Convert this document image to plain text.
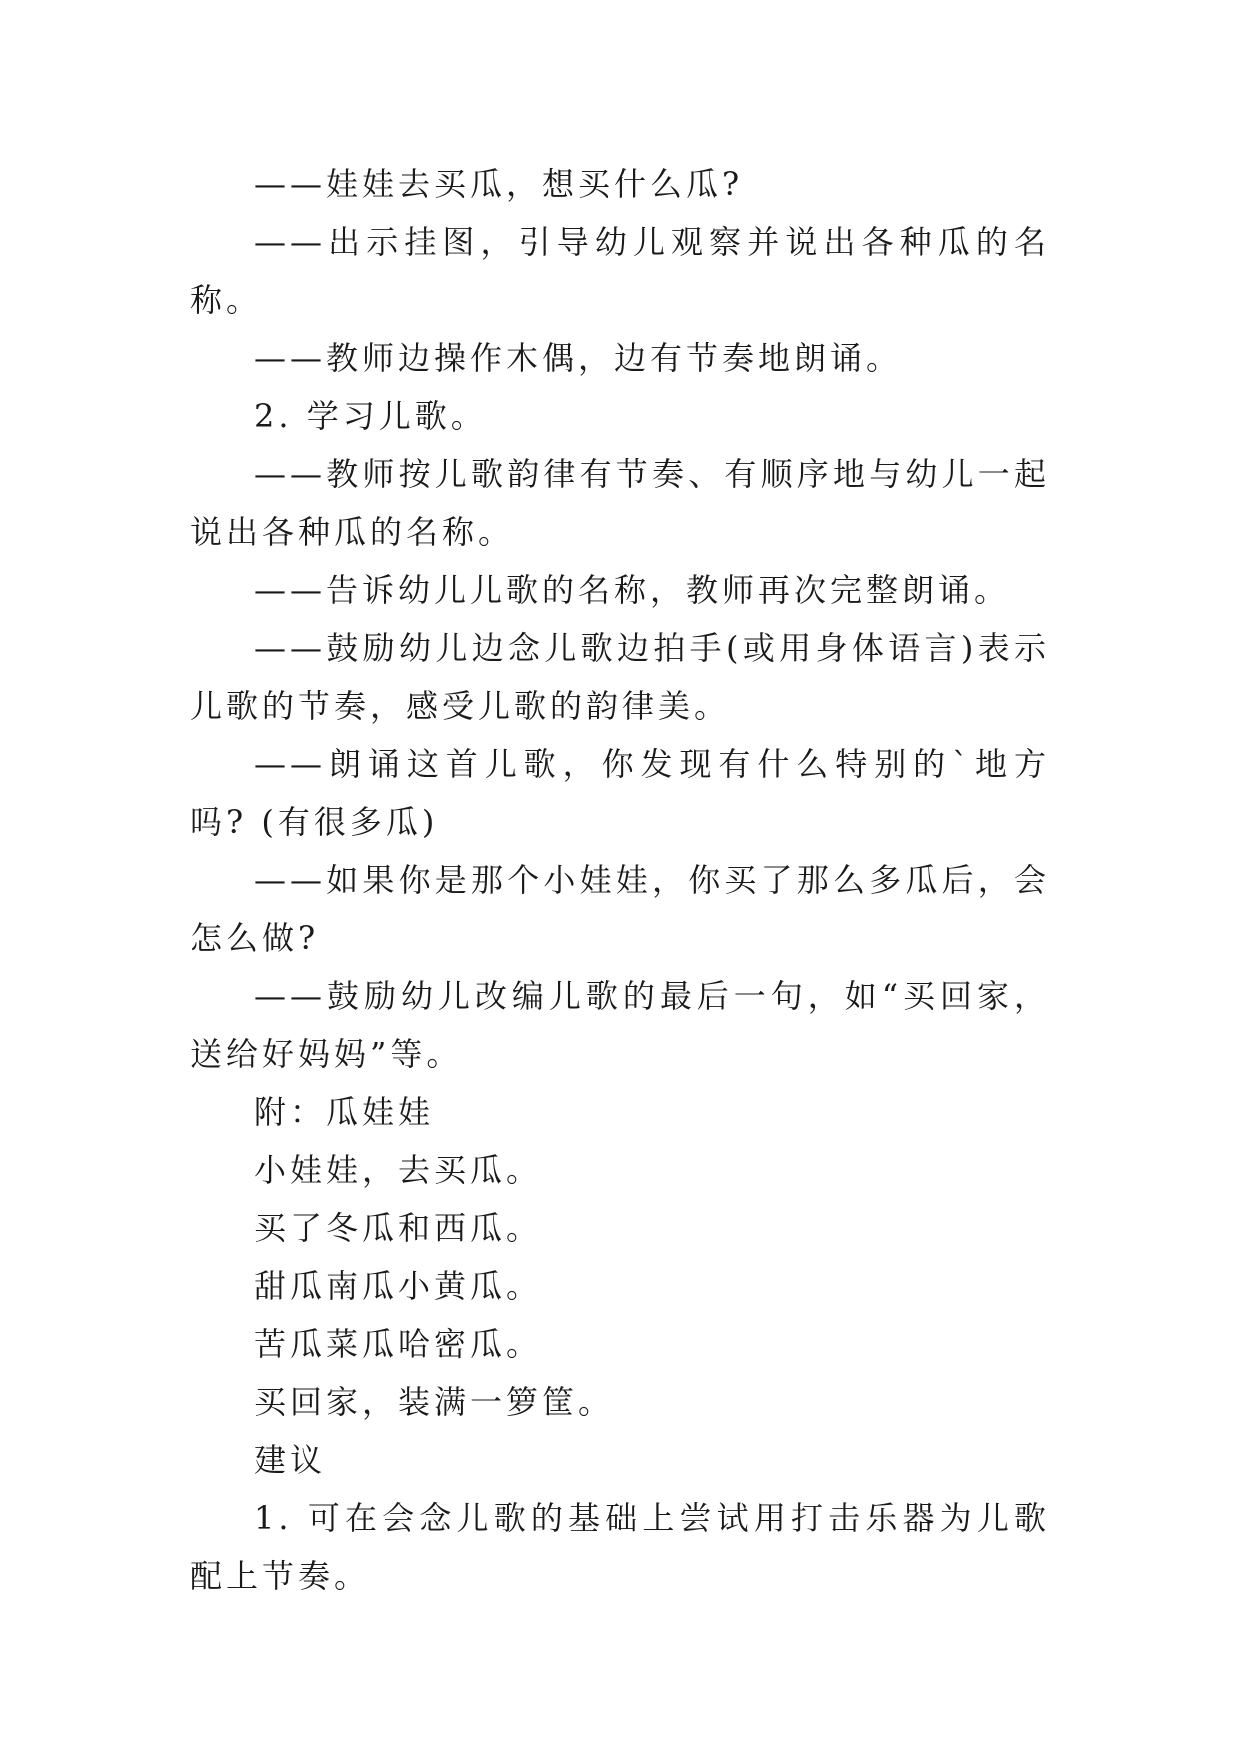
——娃娃去买瓜，想买什么瓜?

——出示挂图，引导幼儿观察并说出各种瓜的名称。

——教师边操作木偶，边有节奏地朗诵。

2. 学习儿歌。

——教师按儿歌韵律有节奏、有顺序地与幼儿一起说出各种瓜的名称。

——告诉幼儿儿歌的名称，教师再次完整朗诵。

——鼓励幼儿边念儿歌边拍手(或用身体语言)表示儿歌的节奏，感受儿歌的韵律美。

——朗诵这首儿歌，你发现有什么特别的`地方吗? (有很多瓜)

——如果你是那个小娃娃，你买了那么多瓜后，会怎么做?

——鼓励幼儿改编儿歌的最后一句，如“买回家，送给好妈妈”等。

附：瓜娃娃

小娃娃，去买瓜。

买了冬瓜和西瓜。

甜瓜南瓜小黄瓜。

苦瓜菜瓜哈密瓜。

买回家，装满一箩筐。

建议

1. 可在会念儿歌的基础上尝试用打击乐器为儿歌配上节奏。
